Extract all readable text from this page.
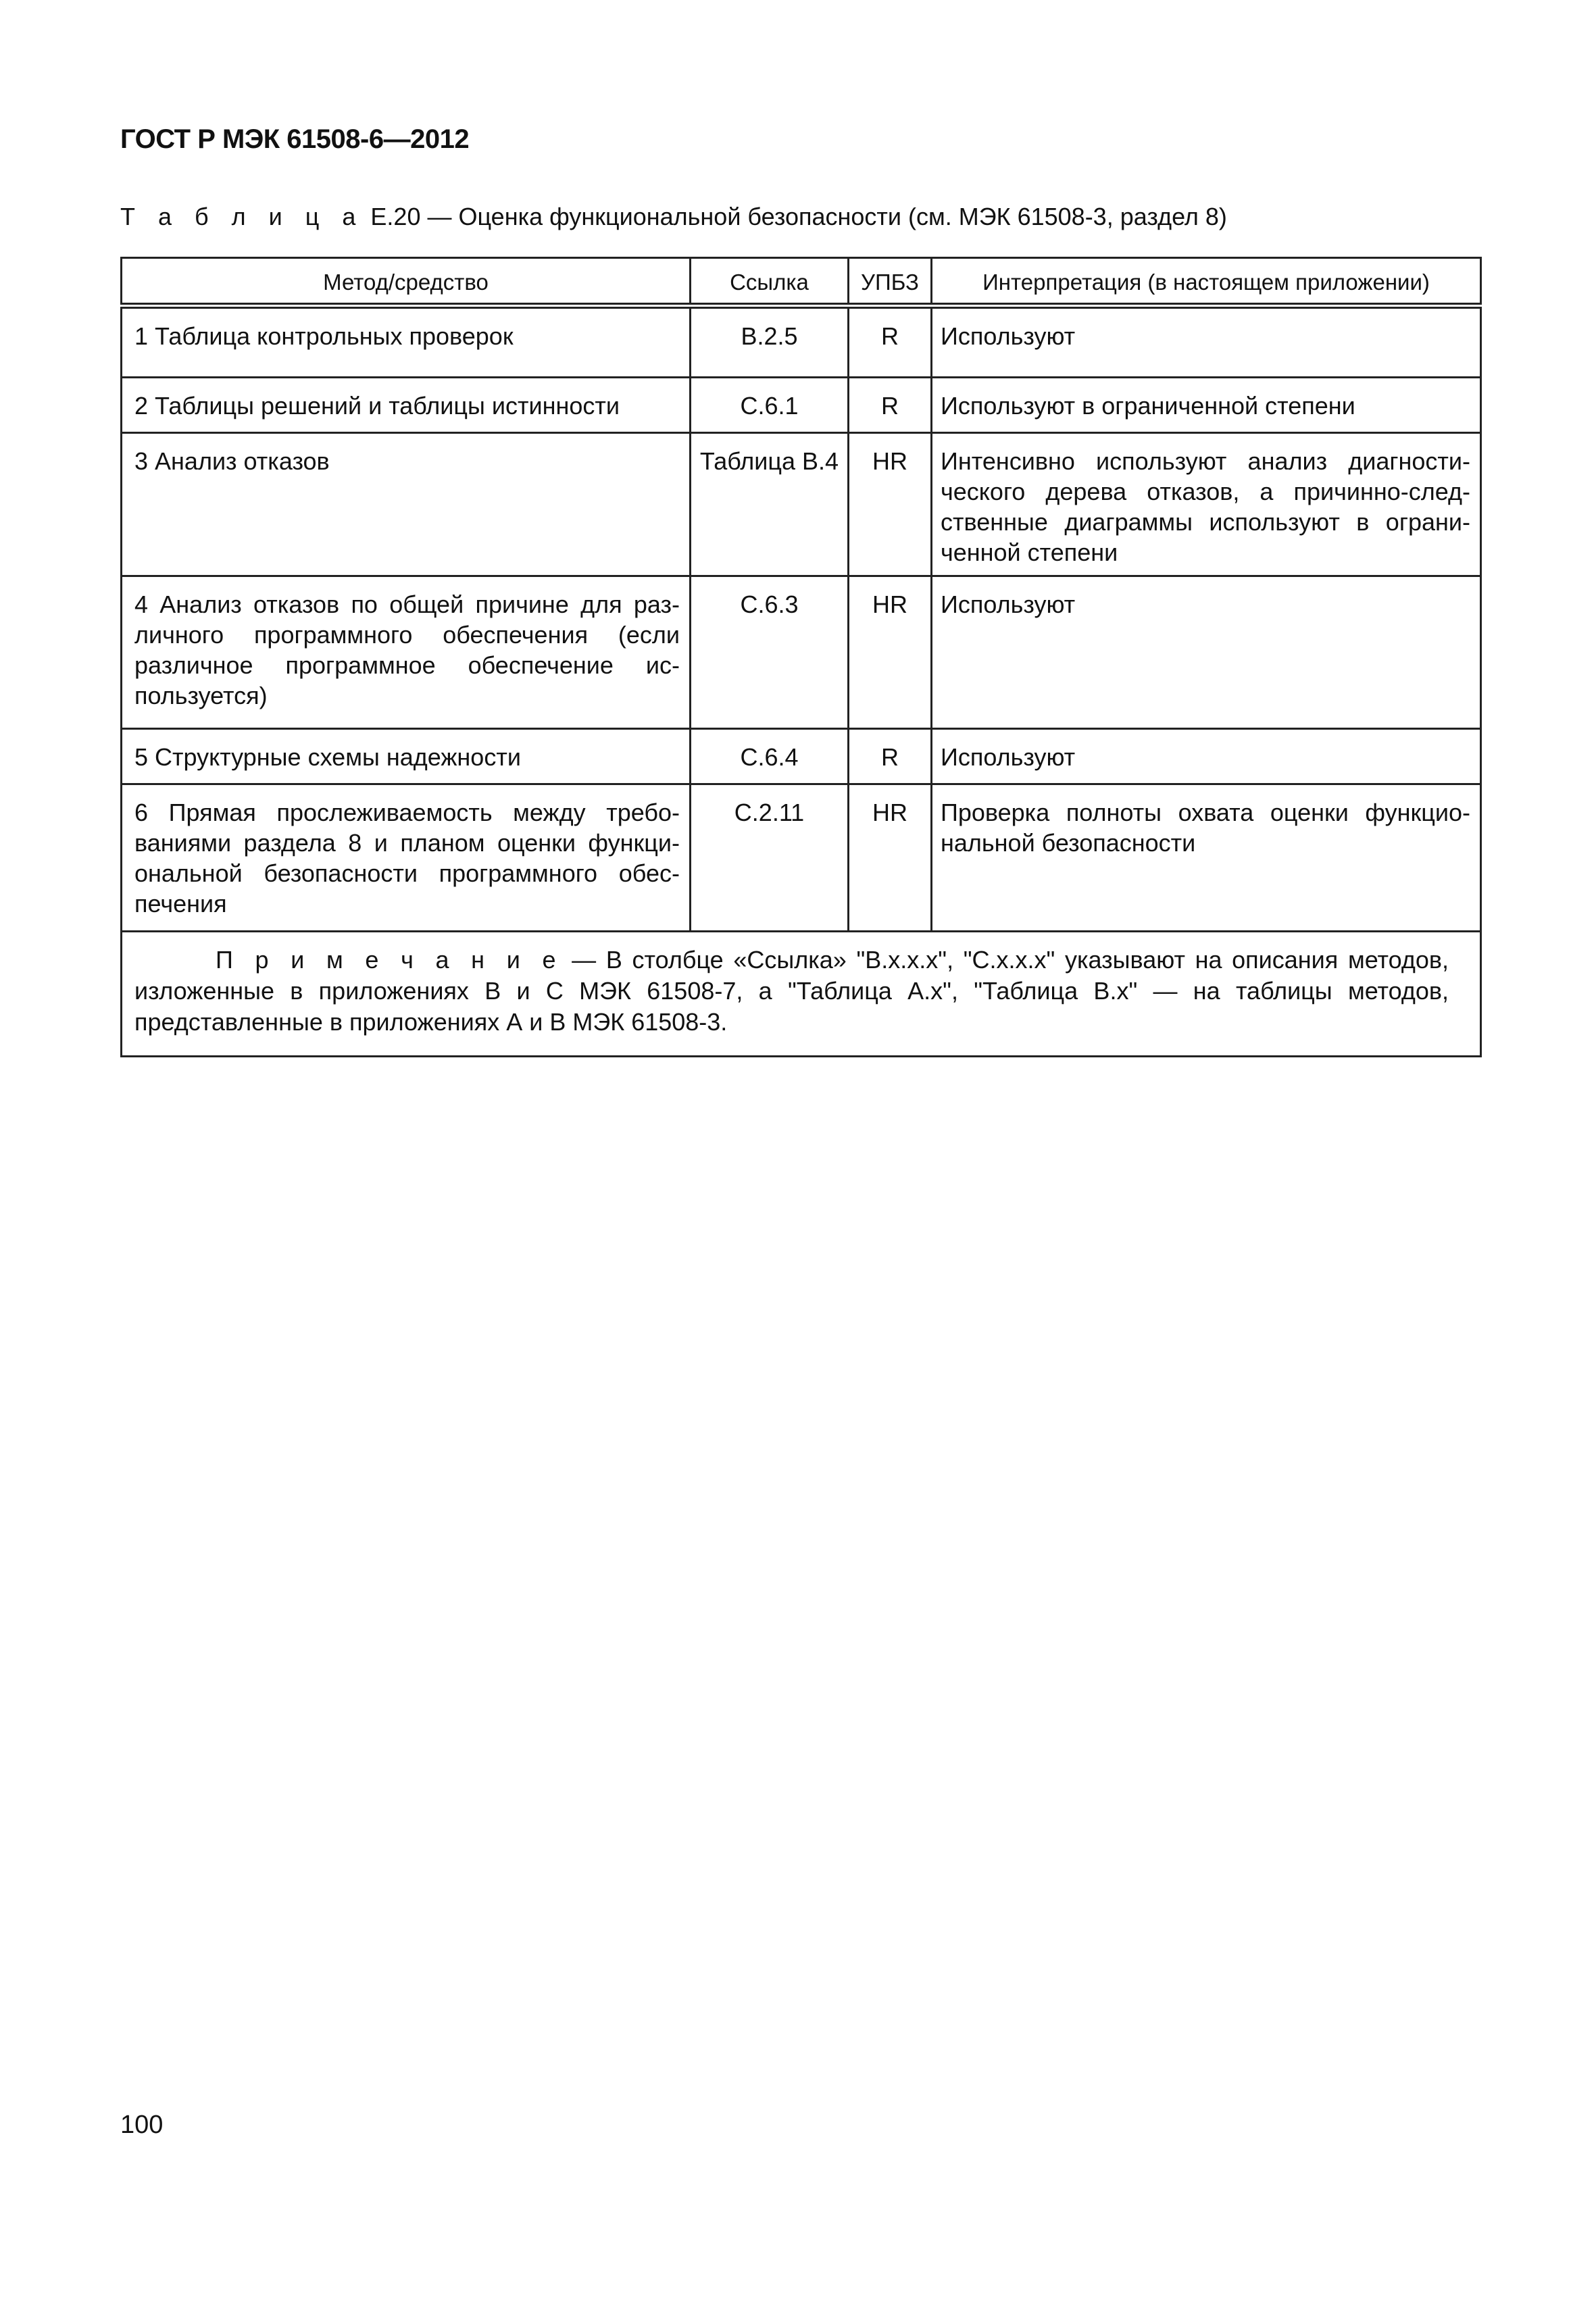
ГОСТ Р МЭК 61508-6—2012
Т а б л и ц а Е.20 — Оценка функциональной безопасности (см. МЭК 61508-3, раздел 8)
Метод/средство	Ссылка	УПБЗ	Интерпретация (в настоящем приложении)
1 Таблица контрольных проверок	В.2.5	R	Используют
2 Таблицы решений и таблицы истинности	С.6.1	R	Используют в ограниченной степени
3 Анализ отказов	Таблица В.4	HR	Интенсивно используют анализ диагностического дерева отказов, а причинно-следственные диаграммы используют в ограниченной степени
4 Анализ отказов по общей причине для различного программного обеспечения (если различное программное обеспечение используется)	С.6.3	HR	Используют
5 Структурные схемы надежности	С.6.4	R	Используют
6 Прямая прослеживаемость между требованиями раздела 8 и планом оценки функциональной безопасности программного обеспечения	С.2.11	HR	Проверка полноты охвата оценки функциональной безопасности
П р и м е ч а н и е — В столбце «Ссылка» "В.х.х.х", "С.х.х.х" указывают на описания методов, изложенные в приложениях В и С МЭК 61508-7, а "Таблица А.х", "Таблица В.х" — на таблицы методов, представленные в приложениях А и В МЭК 61508-3.			
100
